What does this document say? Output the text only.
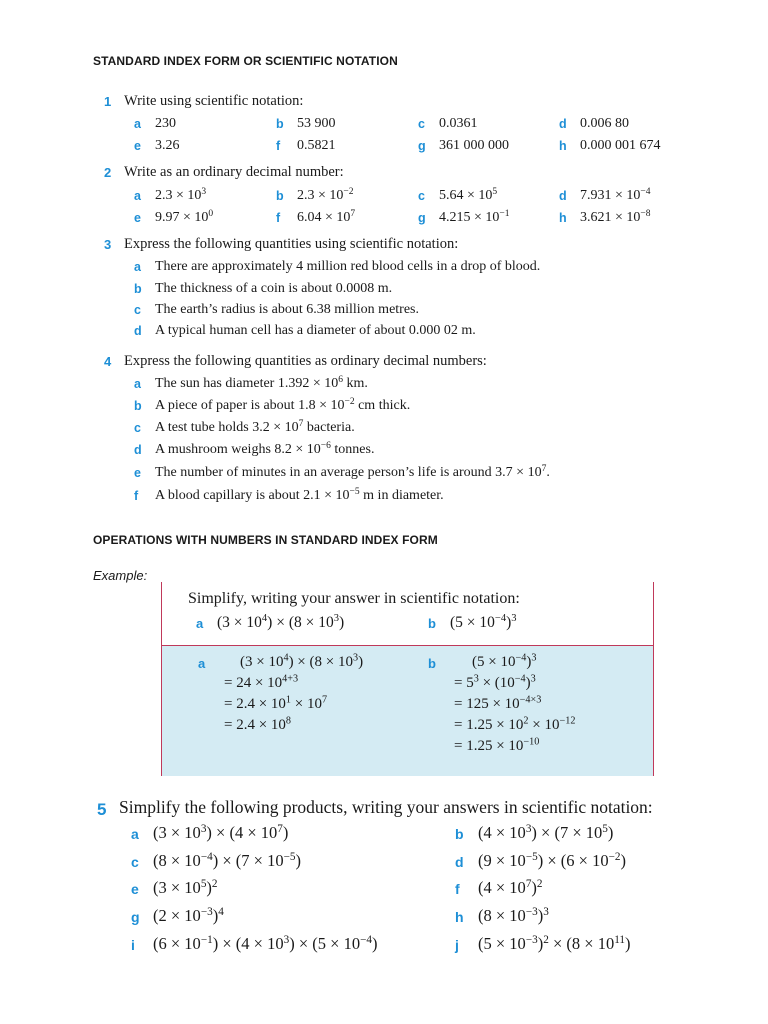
STANDARD INDEX FORM OR SCIENTIFIC NOTATION
1 Write using scientific notation:
a 230	b 53 900	c 0.0361	d 0.006 80
e 3.26	f 0.5821	g 361 000 000	h 0.000 001 674
2 Write as an ordinary decimal number:
a $2.3 \times 10^3$	b $2.3 \times 10^{-2}$	c $5.64 \times 10^5$	d $7.931 \times 10^{-4}$
e $9.97 \times 10^0$	f $6.04 \times 10^7$	g $4.215 \times 10^{-1}$	h $3.621 \times 10^{-8}$
3 Express the following quantities using scientific notation:
a There are approximately 4 million red blood cells in a drop of blood.
b The thickness of a coin is about 0.0008 m.
c The earth’s radius is about 6.38 million metres.
d A typical human cell has a diameter of about 0.000 02 m.
4 Express the following quantities as ordinary decimal numbers:
a The sun has diameter $1.392 \times 10^6$ km.
b A piece of paper is about $1.8 \times 10^{-2}$ cm thick.
c A test tube holds $3.2 \times 10^7$ bacteria.
d A mushroom weighs $8.2 \times 10^{-6}$ tonnes.
e The number of minutes in an average person’s life is around $3.7 \times 10^7$.
f A blood capillary is about $2.1 \times 10^{-5}$ m in diameter.
OPERATIONS WITH NUMBERS IN STANDARD INDEX FORM
Example:
Simplify, writing your answer in scientific notation:
a $(3 \times 10^4) \times (8 \times 10^3)$	b $(5 \times 10^{-4})^3$
a $(3 \times 10^4) \times (8 \times 10^3)$
= $24 \times 10^{4+3}$
= $2.4 \times 10^1 \times 10^7$
= $2.4 \times 10^8$
b $(5 \times 10^{-4})^3$
= $5^3 \times (10^{-4})^3$
= $125 \times 10^{-4\times 3}$
= $1.25 \times 10^2 \times 10^{-12}$
= $1.25 \times 10^{-10}$
5 Simplify the following products, writing your answers in scientific notation:
a $(3 \times 10^3) \times (4 \times 10^7)$	b $(4 \times 10^3) \times (7 \times 10^5)$
c $(8 \times 10^{-4}) \times (7 \times 10^{-5})$	d $(9 \times 10^{-5}) \times (6 \times 10^{-2})$
e $(3 \times 10^5)^2$	f $(4 \times 10^7)^2$
g $(2 \times 10^{-3})^4$	h $(8 \times 10^{-3})^3$
i $(6 \times 10^{-1}) \times (4 \times 10^3) \times (5 \times 10^{-4})$	j $(5 \times 10^{-3})^2 \times (8 \times 10^{11})$
